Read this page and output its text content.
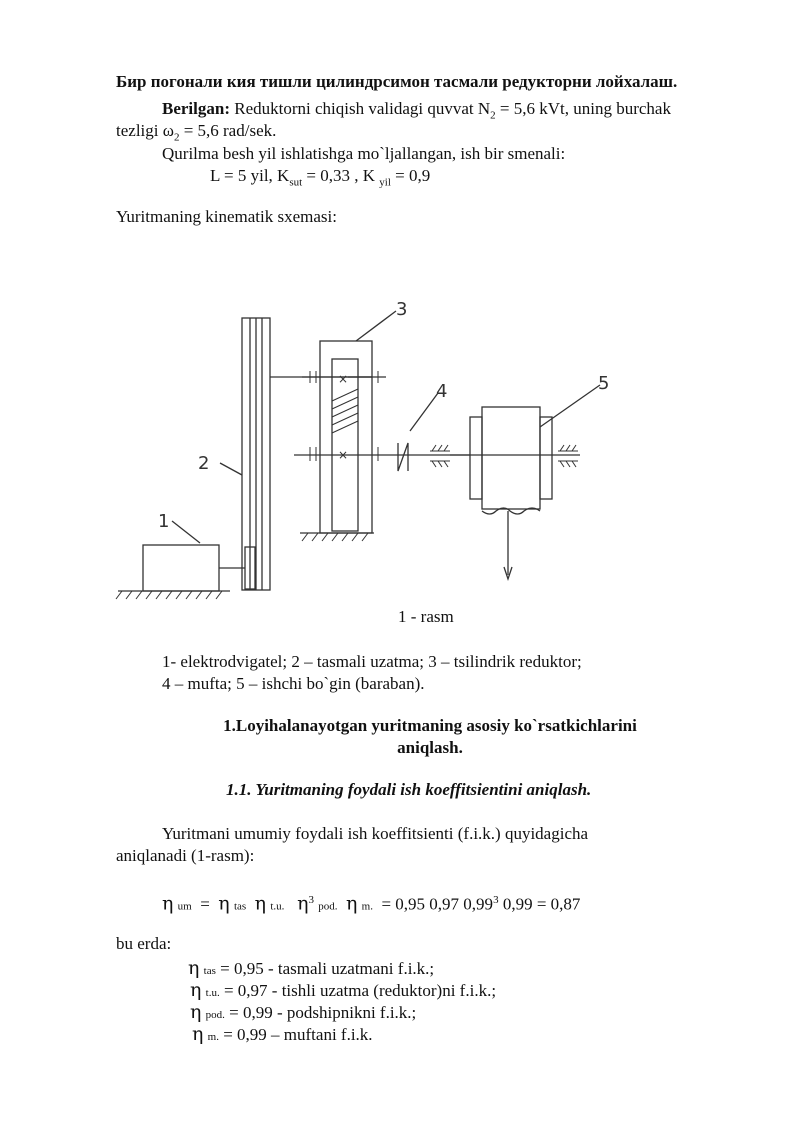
Бир погонали кия тишли цилиндрсимон тасмали редукторни лойхалаш.
Berilgan: Reduktorni chiqish validagi quvvat $N_2 = 5,6$ kVt, uning burchak
tezligi $\omega_2 = 5,6$ rad/sek.
Qurilma besh yil ishlatishga mo`ljallangan, ish bir smenali:
L = 5 yil, $K_{sut} = 0,33$ , K $_{yil}$ = 0,9
Yuritmaning kinematik sxemasi:
×
×
1
2
3
4	5
1 - rasm
1- elektrodvigatel; 2 – tasmali uzatma; 3 – tsilindrik reduktor;
4 – mufta; 5 – ishchi bo`gin (baraban).
1.Loyihalanayotgan yuritmaning asosiy ko`rsatkichlarini
aniqlash.
1.1. Yuritmaning foydali ish koeffitsientini aniqlash.
Yuritmani umumiy foydali ish koeffitsienti (f.i.k.) quyidagicha
aniqlanadi (1-rasm):
η um = η tas η t.u. $\eta^3$ pod. η m. = 0,95 0,97 0,99$^3$ 0,99 = 0,87
bu erda:
η tas = 0,95 - tasmali uzatmani f.i.k.;
η t.u. = 0,97 - tishli uzatma (reduktor)ni f.i.k.;
η pod. = 0,99 - podshipnikni f.i.k.;
η m. = 0,99 – muftani f.i.k.
